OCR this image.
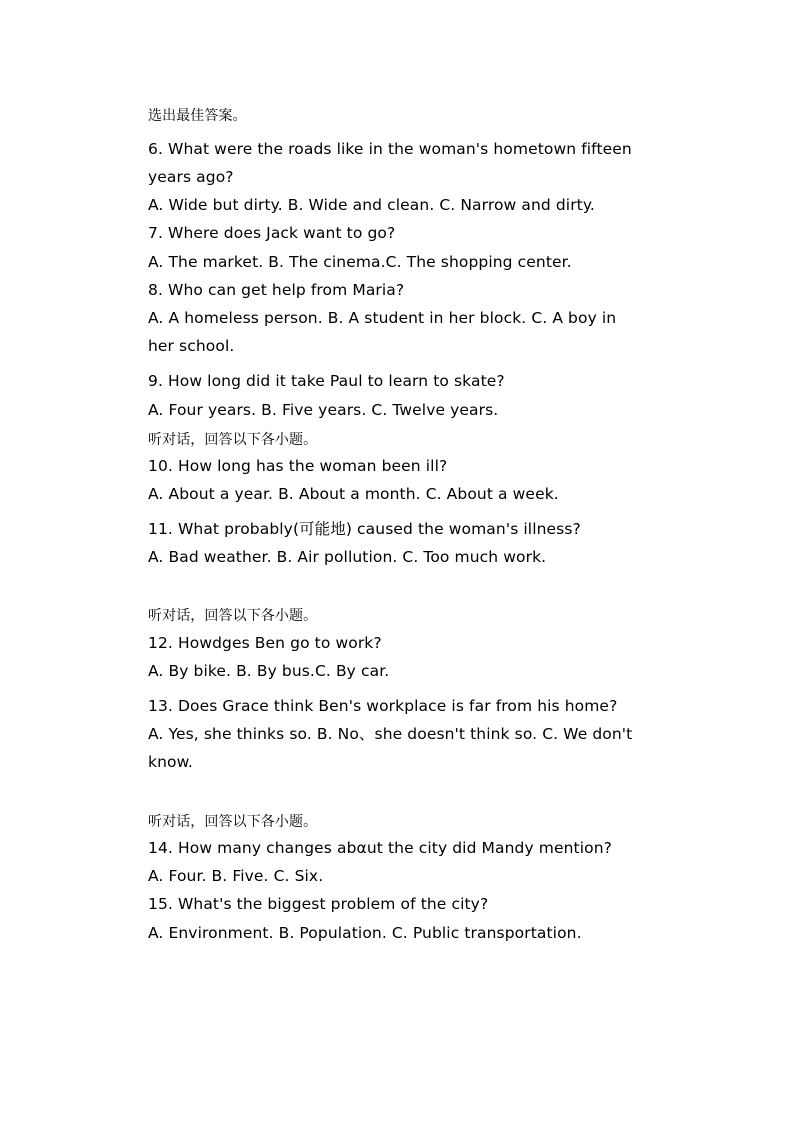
选出最佳答案。
6. What were the roads like in the woman's hometown fifteen
years ago?
A. Wide but dirty. B. Wide and clean. C. Narrow and dirty.
7. Where does Jack want to go?
A. The market. B. The cinema.C. The shopping center.
8. Who can get help from Maria?
A. A homeless person. B. A student in her block. C. A boy in
her school.
9. How long did it take Paul to learn to skate?
A. Four years. B. Five years. C. Twelve years.
听对话，回答以下各小题。
10. How long has the woman been ill?
A. About a year. B. About a month. C. About a week.
11. What probably(可能地) caused the woman's illness?
A. Bad weather. B. Air pollution. C. Too much work.
听对话，回答以下各小题。
12. Howdges Ben go to work?
A. By bike. B. By bus.C. By car.
13. Does Grace think Ben's workplace is far from his home?
A. Yes, she thinks so. B. No、she doesn't think so. C. We don't
know.
听对话，回答以下各小题。
14. How many changes abαut the city did Mandy mention?
A. Four. B. Five. C. Six.
15. What's the biggest problem of the city?
A. Environment. B. Population. C. Public transportation.
